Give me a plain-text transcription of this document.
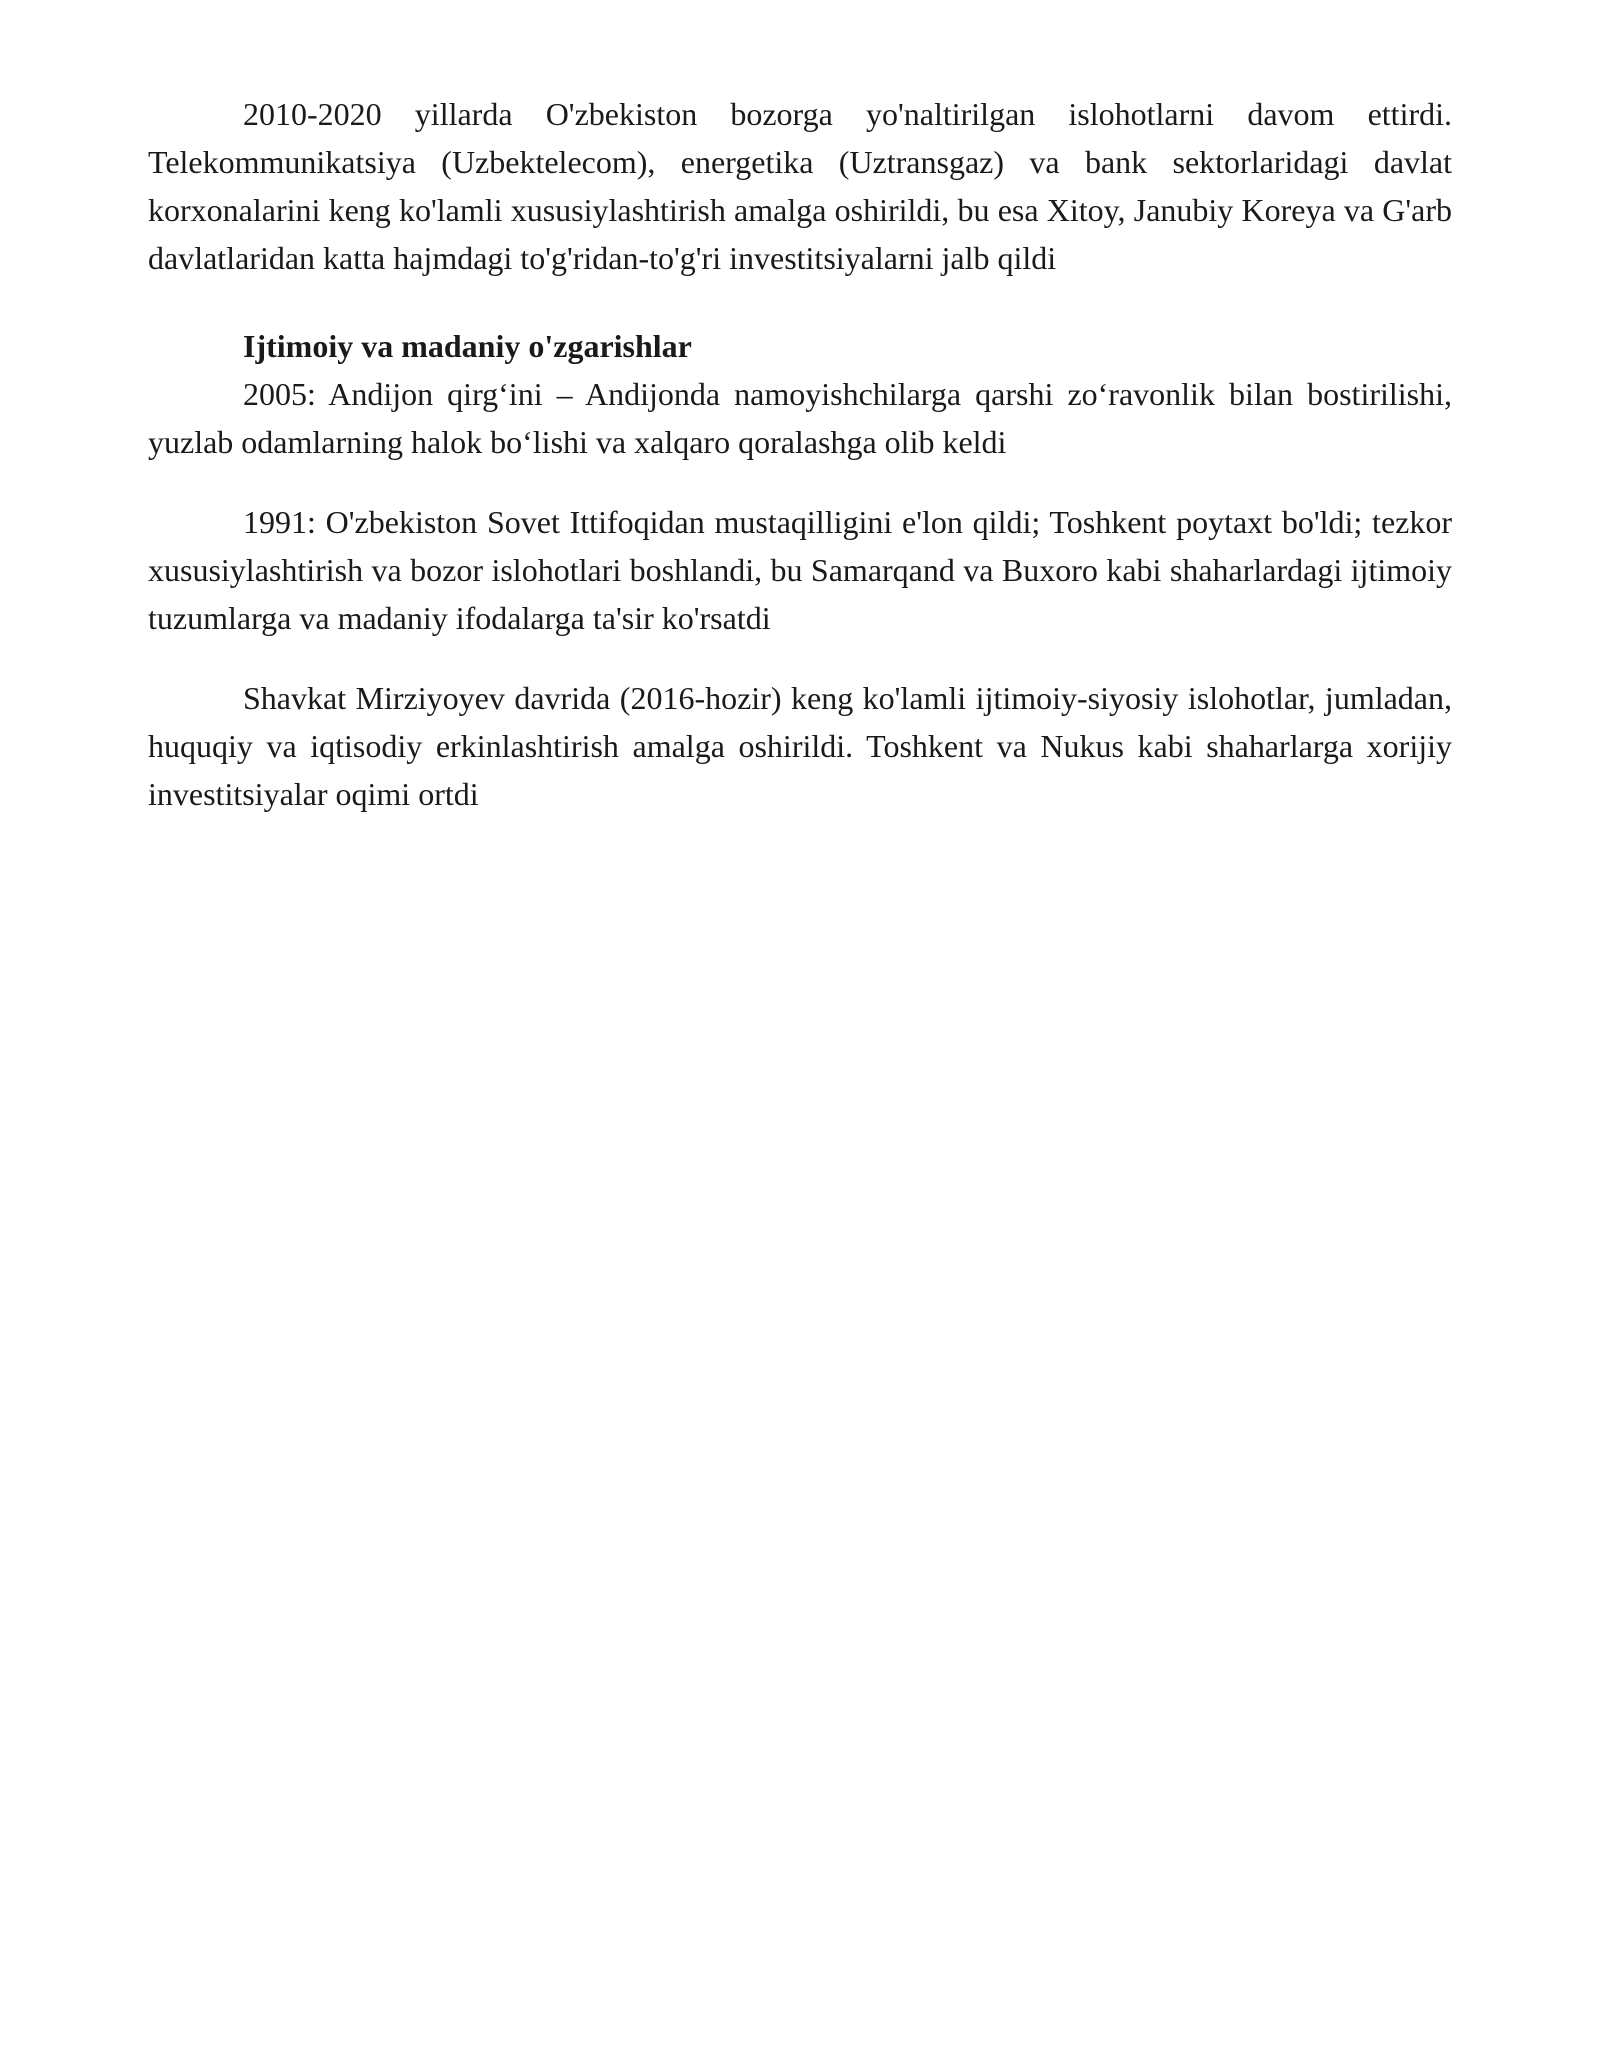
2010-2020 yillarda O'zbekiston bozorga yo'naltirilgan islohotlarni davom ettirdi. Telekommunikatsiya (Uzbektelecom), energetika (Uztransgaz) va bank sektorlaridagi davlat korxonalarini keng ko'lamli xususiylashtirish amalga oshirildi, bu esa Xitoy, Janubiy Koreya va G'arb davlatlaridan katta hajmdagi to'g'ridan-to'g'ri investitsiyalarni jalb qildi

Ijtimoiy va madaniy o'zgarishlar

2005: Andijon qirg‘ini – Andijonda namoyishchilarga qarshi zo‘ravonlik bilan bostirilishi, yuzlab odamlarning halok bo‘lishi va xalqaro qoralashga olib keldi

1991: O'zbekiston Sovet Ittifoqidan mustaqilligini e'lon qildi; Toshkent poytaxt bo'ldi; tezkor xususiylashtirish va bozor islohotlari boshlandi, bu Samarqand va Buxoro kabi shaharlardagi ijtimoiy tuzumlarga va madaniy ifodalarga ta'sir ko'rsatdi

Shavkat Mirziyoyev davrida (2016-hozir) keng ko'lamli ijtimoiy-siyosiy islohotlar, jumladan, huquqiy va iqtisodiy erkinlashtirish amalga oshirildi. Toshkent va Nukus kabi shaharlarga xorijiy investitsiyalar oqimi ortdi
